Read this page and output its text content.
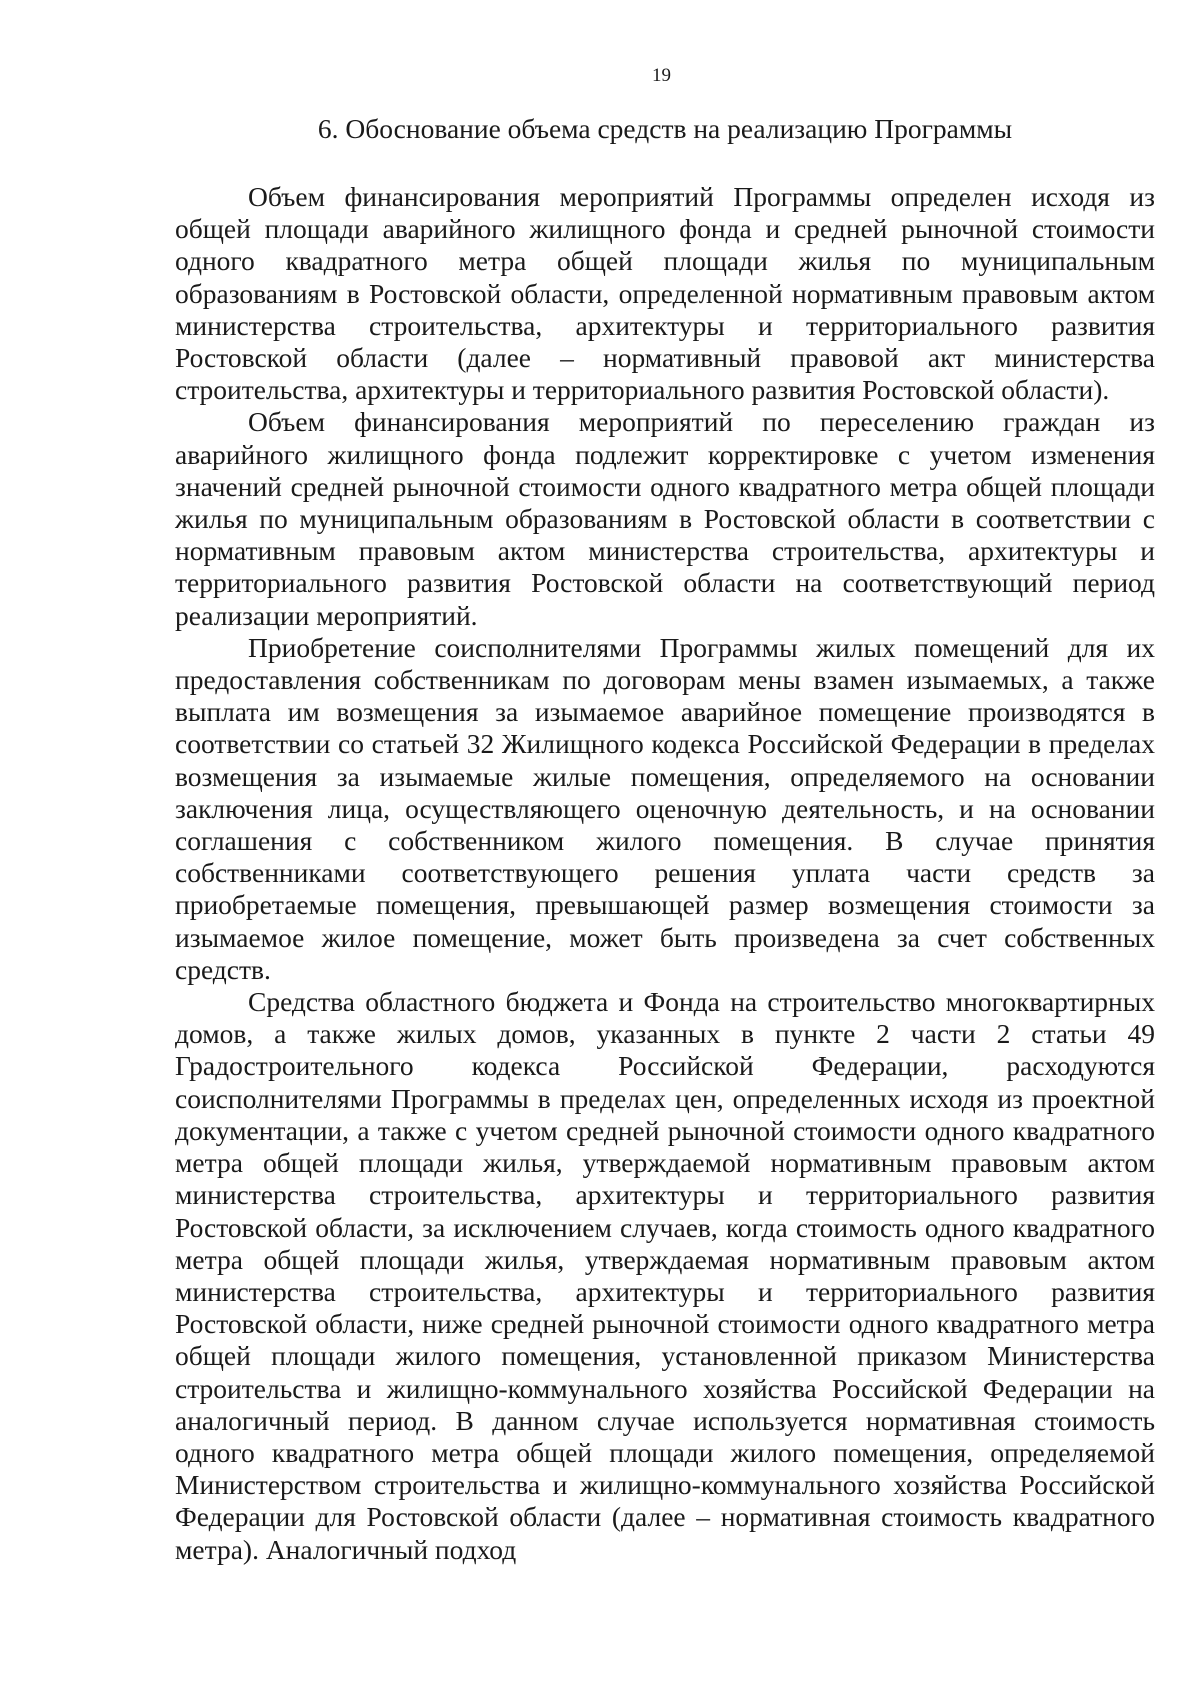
19

6. Обоснование объема средств на реализацию Программы

Объем финансирования мероприятий Программы определен исходя из общей площади аварийного жилищного фонда и средней рыночной стоимости одного квадратного метра общей площади жилья по муниципальным образованиям в Ростовской области, определенной нормативным правовым актом министерства строительства, архитектуры и территориального развития Ростовской области (далее – нормативный правовой акт министерства строительства, архитектуры и территориального развития Ростовской области).

Объем финансирования мероприятий по переселению граждан из аварийного жилищного фонда подлежит корректировке с учетом изменения значений средней рыночной стоимости одного квадратного метра общей площади жилья по муниципальным образованиям в Ростовской области в соответствии с нормативным правовым актом министерства строительства, архитектуры и территориального развития Ростовской области на соответствующий период реализации мероприятий.

Приобретение соисполнителями Программы жилых помещений для их предоставления собственникам по договорам мены взамен изымаемых, а также выплата им возмещения за изымаемое аварийное помещение производятся в соответствии со статьей 32 Жилищного кодекса Российской Федерации в пределах возмещения за изымаемые жилые помещения, определяемого на основании заключения лица, осуществляющего оценочную деятельность, и на основании соглашения с собственником жилого помещения. В случае принятия собственниками соответствующего решения уплата части средств за приобретаемые помещения, превышающей размер возмещения стоимости за изымаемое жилое помещение, может быть произведена за счет собственных средств.

Средства областного бюджета и Фонда на строительство многоквартирных домов, а также жилых домов, указанных в пункте 2 части 2 статьи 49 Градостроительного кодекса Российской Федерации, расходуются соисполнителями Программы в пределах цен, определенных исходя из проектной документации, а также с учетом средней рыночной стоимости одного квадратного метра общей площади жилья, утверждаемой нормативным правовым актом министерства строительства, архитектуры и территориального развития Ростовской области, за исключением случаев, когда стоимость одного квадратного метра общей площади жилья, утверждаемая нормативным правовым актом министерства строительства, архитектуры и территориального развития Ростовской области, ниже средней рыночной стоимости одного квадратного метра общей площади жилого помещения, установленной приказом Министерства строительства и жилищно-коммунального хозяйства Российской Федерации на аналогичный период. В данном случае используется нормативная стоимость одного квадратного метра общей площади жилого помещения, определяемой Министерством строительства и жилищно-коммунального хозяйства Российской Федерации для Ростовской области (далее – нормативная стоимость квадратного метра). Аналогичный подход
